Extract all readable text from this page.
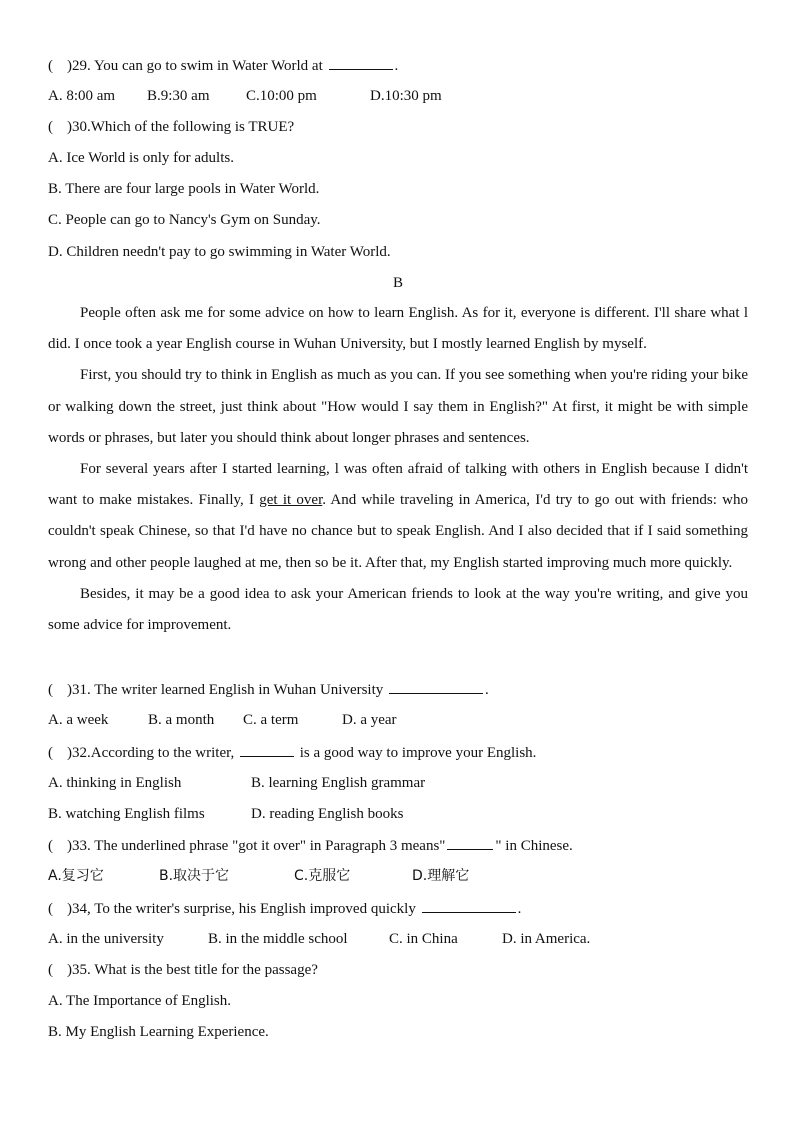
( )29. You can go to swim in Water World at	.
A. 8:00 am B.9:30 am C.10:00 pm	D.10:30 pm
( )30.Which of the following is TRUE?
A. Ice World is only for adults.
B. There are four large pools in Water World.
C. People can go to Nancy's Gym on Sunday.
D. Children needn't pay to go swimming in Water World.
B

People often ask me for some advice on how to learn English. As for it, everyone is different. I'll share what l did. I once took a year English course in Wuhan University, but I mostly learned English by myself.

First, you should try to think in English as much as you can. If you see something when you're riding your bike or walking down the street, just think about "How would I say them in English?" At first, it might be with simple words or phrases, but later you should think about longer phrases and sentences.

For several years after I started learning, l was often afraid of talking with others in English because I didn't want to make mistakes. Finally, I get it over. And while traveling in America, I'd try to go out with friends: who couldn't speak Chinese, so that I'd have no chance but to speak English. And I also decided that if I said something wrong and other people laughed at me, then so be it. After that, my English started improving much more quickly.

Besides, it may be a good idea to ask your American friends to look at the way you're writing, and give you some advice for improvement.

( )31. The writer learned English in Wuhan University	.
A. a week	B. a month C. a term	D. a year
( )32.According to the writer,	is a good way to improve your English.
A. thinking in English	B. learning English grammar
B. watching English films	D. reading English books
( )33. The underlined phrase "got it over" in Paragraph 3 means"	" in Chinese.
A.复习它	B.取决于它	C.克服它	D.理解它
( )34, To the writer's surprise, his English improved quickly	.
A. in the university	B. in the middle school	C. in China	D. in America.
( )35. What is the best title for the passage?
A. The Importance of English.
B. My English Learning Experience.
